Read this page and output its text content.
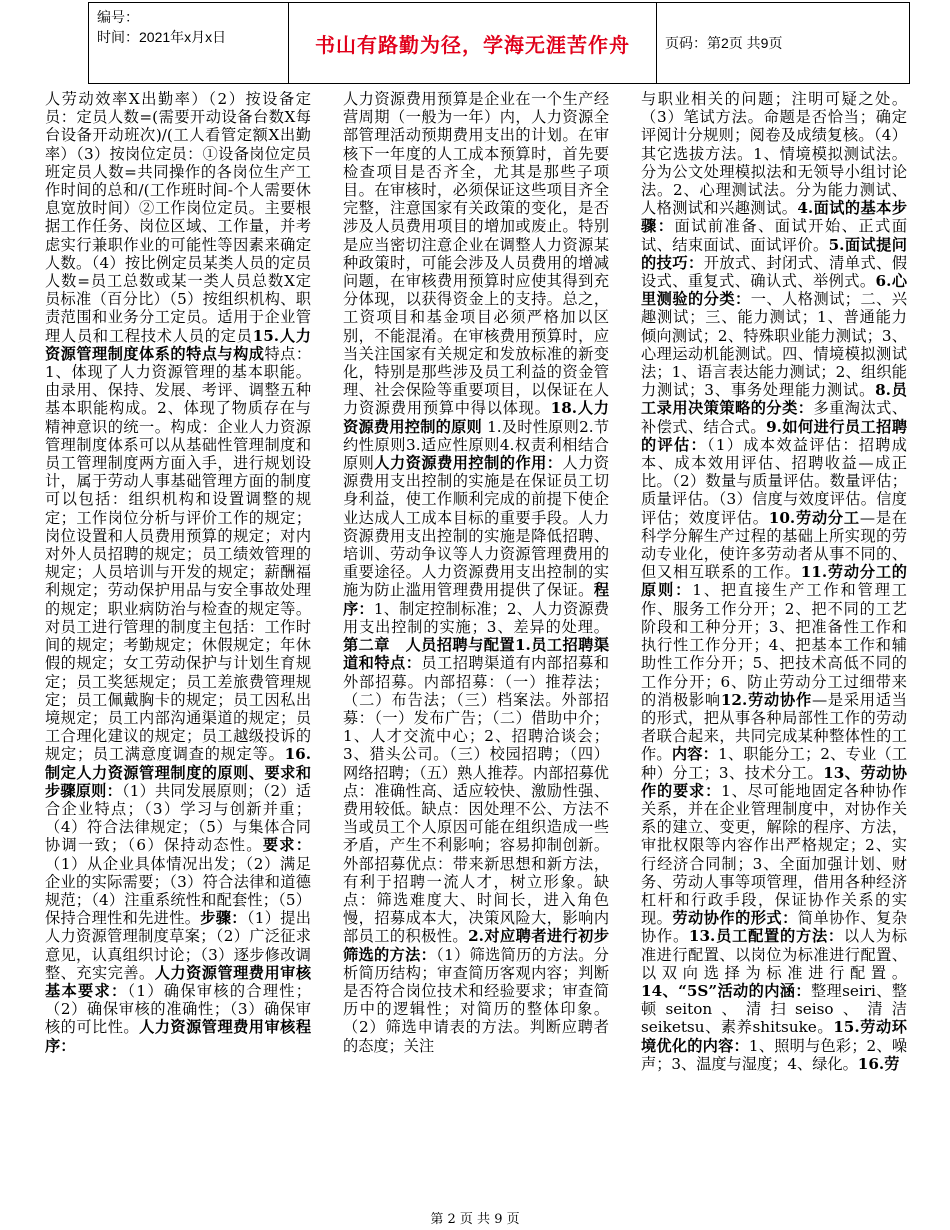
编号：
时间：2021年x月x日	书山有路勤为径，学海无涯苦作舟	页码：第2页 共9页

人劳动效率X出勤率）（2）按设备定员：定员人数=(需要开动设备台数X每台设备开动班次)/(工人看管定额X出勤率）（3）按岗位定员：①设备岗位定员班定员人数=共同操作的各岗位生产工作时间的总和/(工作班时间-个人需要休息宽放时间）②工作岗位定员。主要根据工作任务、岗位区域、工作量，并考虑实行兼职作业的可能性等因素来确定人数。（4）按比例定员某类人员的定员人数=员工总数或某一类人员总数X定员标准（百分比）（5）按组织机构、职责范围和业务分工定员。适用于企业管理人员和工程技术人员的定员15.人力资源管理制度体系的特点与构成特点：1、体现了人力资源管理的基本职能。由录用、保持、发展、考评、调整五种基本职能构成。2、体现了物质存在与精神意识的统一。构成：企业人力资源管理制度体系可以从基础性管理制度和员工管理制度两方面入手，进行规划设计，属于劳动人事基础管理方面的制度可以包括：组织机构和设置调整的规定；工作岗位分析与评价工作的规定；岗位设置和人员费用预算的规定；对内对外人员招聘的规定；员工绩效管理的规定；人员培训与开发的规定；薪酬福利规定；劳动保护用品与安全事故处理的规定；职业病防治与检查的规定等。对员工进行管理的制度主包括：工作时间的规定；考勤规定；休假规定；年休假的规定；女工劳动保护与计划生育规定；员工奖惩规定；员工差旅费管理规定；员工佩戴胸卡的规定；员工因私出境规定；员工内部沟通渠道的规定；员工合理化建议的规定；员工越级投诉的规定；员工满意度调查的规定等。16.制定人力资源管理制度的原则、要求和步骤原则：（1）共同发展原则；（2）适合企业特点；（3）学习与创新并重；（4）符合法律规定；（5）与集体合同协调一致；（6）保持动态性。要求：（1）从企业具体情况出发；（2）满足企业的实际需要；（3）符合法律和道德规范；（4）注重系统性和配套性；（5）保持合理性和先进性。步骤：（1）提出人力资源管理制度草案；（2）广泛征求意见，认真组织讨论；（3）逐步修改调整、充实完善。人力资源管理费用审核基本要求：（1）确保审核的合理性；（2）确保审核的准确性；（3）确保审核的可比性。人力资源管理费用审核程序：

人力资源费用预算是企业在一个生产经营周期（一般为一年）内，人力资源全部管理活动预期费用支出的计划。在审核下一年度的人工成本预算时，首先要检查项目是否齐全，尤其是那些子项目。在审核时，必须保证这些项目齐全完整，注意国家有关政策的变化，是否涉及人员费用项目的增加或废止。特别是应当密切注意企业在调整人力资源某种政策时，可能会涉及人员费用的增减问题，在审核费用预算时应使其得到充分体现，以获得资金上的支持。总之，工资项目和基金项目必须严格加以区别，不能混淆。在审核费用预算时，应当关注国家有关规定和发放标准的新变化，特别是那些涉及员工利益的资金管理、社会保险等重要项目，以保证在人力资源费用预算中得以体现。18.人力资源费用控制的原则 1.及时性原则2.节约性原则3.适应性原则4.权责利相结合原则人力资源费用控制的作用：人力资源费用支出控制的实施是在保证员工切身利益，使工作顺利完成的前提下使企业达成人工成本目标的重要手段。人力资源费用支出控制的实施是降低招聘、培训、劳动争议等人力资源管理费用的重要途径。人力资源费用支出控制的实施为防止滥用管理费用提供了保证。程序：1、制定控制标准；2、人力资源费用支出控制的实施；3、差异的处理。第二章　人员招聘与配置1.员工招聘渠道和特点：员工招聘渠道有内部招募和外部招募。内部招募：（一）推荐法；（二）布告法；（三）档案法。外部招募：（一）发布广告；（二）借助中介；1、人才交流中心；2、招聘洽谈会；3、猎头公司。（三）校园招聘；（四）网络招聘；（五）熟人推荐。内部招募优点：准确性高、适应较快、激励性强、费用较低。缺点：因处理不公、方法不当或员工个人原因可能在组织造成一些矛盾，产生不利影响；容易抑制创新。外部招募优点：带来新思想和新方法，有利于招聘一流人才，树立形象。缺点：筛选难度大、时间长，进入角色慢，招募成本大，决策风险大，影响内部员工的积极性。2.对应聘者进行初步筛选的方法：（1）筛选简历的方法。分析简历结构；审查简历客观内容；判断是否符合岗位技术和经验要求；审查简历中的逻辑性；对简历的整体印象。（2）筛选申请表的方法。判断应聘者的态度；关注

与职业相关的问题；注明可疑之处。（3）笔试方法。命题是否恰当；确定评阅计分规则；阅卷及成绩复核。（4）其它选拔方法。1、情境模拟测试法。分为公文处理模拟法和无领导小组讨论法。2、心理测试法。分为能力测试、人格测试和兴趣测试。4.面试的基本步骤：面试前准备、面试开始、正式面试、结束面试、面试评价。5.面试提问的技巧：开放式、封闭式、清单式、假设式、重复式、确认式、举例式。6.心里测验的分类：一、人格测试；二、兴趣测试；三、能力测试；1、普通能力倾向测试；2、特殊职业能力测试；3、心理运动机能测试。四、情境模拟测试法；1、语言表达能力测试；2、组织能力测试；3、事务处理能力测试。8.员工录用决策策略的分类：多重淘汰式、补偿式、结合式。9.如何进行员工招聘的评估：（1）成本效益评估：招聘成本、成本效用评估、招聘收益—成正比。（2）数量与质量评估。数量评估；质量评估。（3）信度与效度评估。信度评估；效度评估。10.劳动分工—是在科学分解生产过程的基础上所实现的劳动专业化，使许多劳动者从事不同的、但又相互联系的工作。11.劳动分工的原则：1、把直接生产工作和管理工作、服务工作分开；2、把不同的工艺阶段和工种分开；3、把准备性工作和执行性工作分开；4、把基本工作和辅助性工作分开；5、把技术高低不同的工作分开；6、防止劳动分工过细带来的消极影响12.劳动协作—是采用适当的形式，把从事各种局部性工作的劳动者联合起来，共同完成某种整体性的工作。内容：1、职能分工；2、专业（工种）分工；3、技术分工。13、劳动协作的要求：1、尽可能地固定各种协作关系，并在企业管理制度中，对协作关系的建立、变更，解除的程序、方法，审批权限等内容作出严格规定；2、实行经济合同制；3、全面加强计划、财务、劳动人事等项管理，借用各种经济杠杆和行政手段，保证协作关系的实现。劳动协作的形式：简单协作、复杂协作。13.员工配置的方法：以人为标准进行配置、以岗位为标准进行配置、以双向选择为标准进行配置。14、“5S”活动的内涵：整理seiri、整顿seiton、清扫seiso、清洁seiketsu、素养shitsuke。15.劳动环境优化的内容：1、照明与色彩；2、噪声；3、温度与湿度；4、绿化。16.劳

第 2 页 共 9 页
